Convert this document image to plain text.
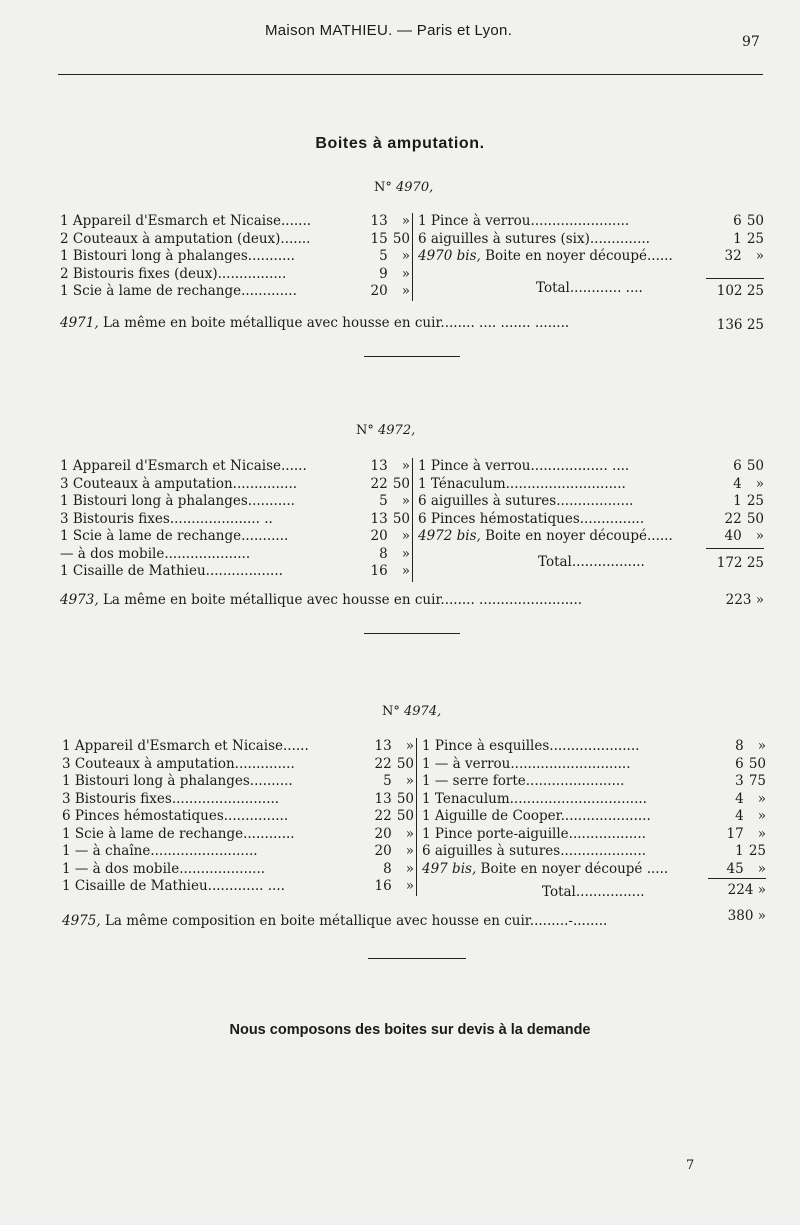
Maison MATHIEU. — Paris et Lyon.
97
Boites à amputation.
N° 4970,
1 Appareil d'Esmarch et Nicaise.......	13 »
2 Couteaux à amputation (deux).......	15 50
1 Bistouri long à phalanges...........	5 »
2 Bistouris fixes (deux)................	9 »
1 Scie à lame de rechange.............	20 »
1 Pince à verrou.......................	6 50
6 aiguilles à sutures (six)..............	1 25
4970 bis, Boite en noyer découpé......	32 »
Total............ ....	102 25
4971, La même en boite métallique avec housse en cuir........ .... ....... ........	136 25
N° 4972,
1 Appareil d'Esmarch et Nicaise......	13 »
3 Couteaux à amputation...............	22 50
1 Bistouri long à phalanges...........	5 »
3 Bistouris fixes..................... ..	13 50
1 Scie à lame de rechange...........	20 »
— à dos mobile....................	8 »
1 Cisaille de Mathieu..................	16 »
1 Pince à verrou.................. ....	6 50
1 Ténaculum............................	4 »
6 aiguilles à sutures..................	1 25
6 Pinces hémostatiques...............	22 50
4972 bis, Boite en noyer découpé......	40 »
Total.................	172 25
4973, La même en boite métallique avec housse en cuir........ ........................	223 »
N° 4974,
1 Appareil d'Esmarch et Nicaise......	13 »
3 Couteaux à amputation..............	22 50
1 Bistouri long à phalanges..........	5 »
3 Bistouris fixes.........................	13 50
6 Pinces hémostatiques...............	22 50
1 Scie à lame de rechange............	20 »
1 — à chaîne.........................	20 »
1 — à dos mobile....................	8 »
1 Cisaille de Mathieu............. ....	16 »
1 Pince à esquilles.....................	8 »
1 — à verrou............................	6 50
1 — serre forte.......................	3 75
1 Tenaculum................................	4 »
1 Aiguille de Cooper.....................	4 »
1 Pince porte-aiguille..................	17 »
6 aiguilles à sutures....................	1 25
497 bis, Boite en noyer découpé .....	45 »
Total................	224 »
4975, La même composition en boite métallique avec housse en cuir.........-........	380 »
Nous composons des boites sur devis à la demande
7
